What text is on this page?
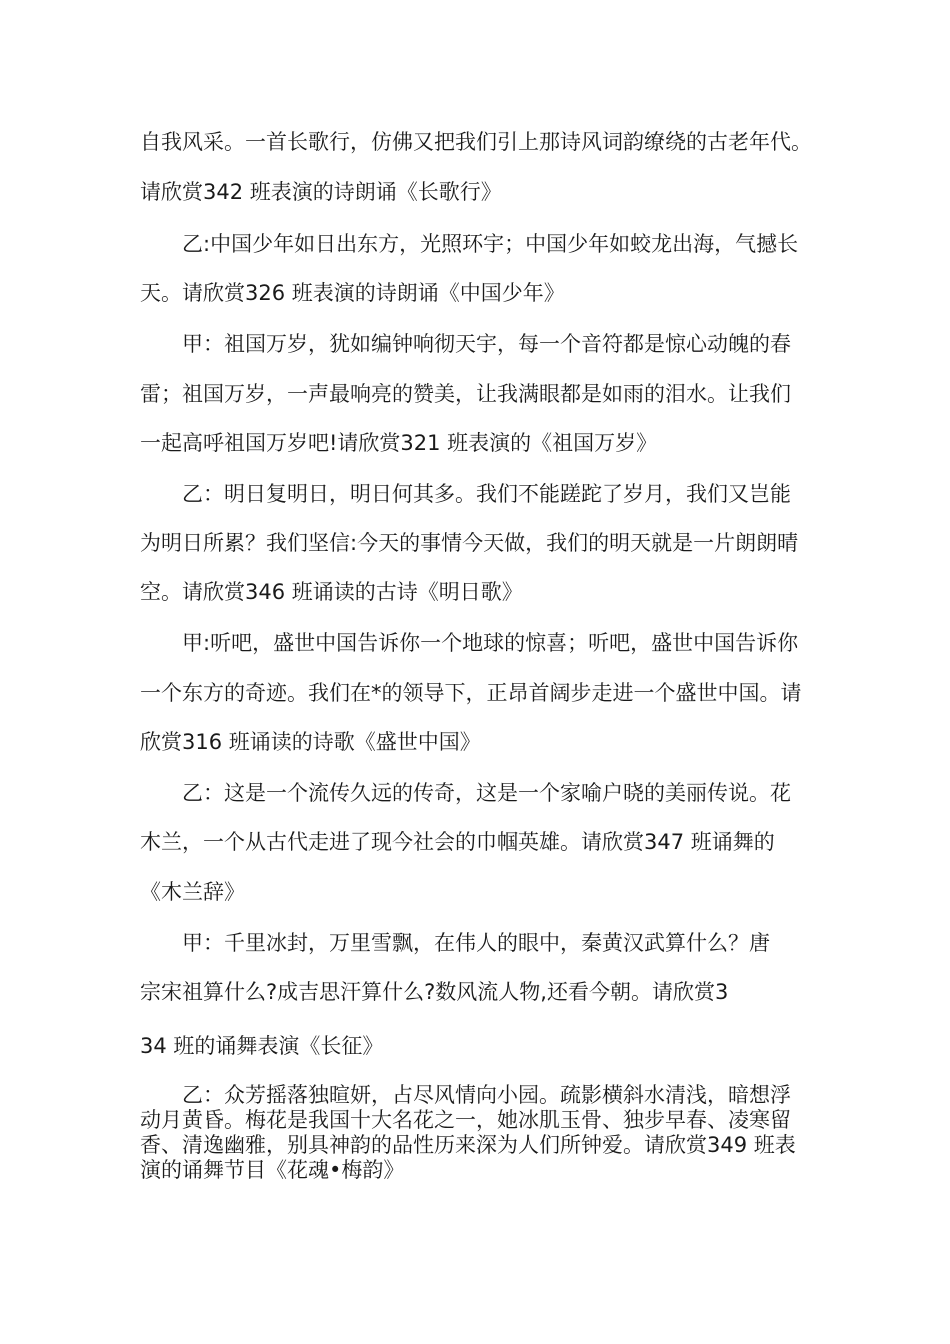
自我风采。一首长歌行，仿佛又把我们引上那诗风词韵缭绕的古老年代。
请欣赏342 班表演的诗朗诵《长歌行》
乙:中国少年如日出东方，光照环宇；中国少年如蛟龙出海，气撼长
天。请欣赏326 班表演的诗朗诵《中国少年》
甲：祖国万岁，犹如编钟响彻天宇，每一个音符都是惊心动魄的春
雷；祖国万岁，一声最响亮的赞美，让我满眼都是如雨的泪水。让我们
一起高呼祖国万岁吧!请欣赏321 班表演的《祖国万岁》
乙：明日复明日，明日何其多。我们不能蹉跎了岁月，我们又岂能
为明日所累？我们坚信:今天的事情今天做，我们的明天就是一片朗朗晴
空。请欣赏346 班诵读的古诗《明日歌》
甲:听吧，盛世中国告诉你一个地球的惊喜；听吧，盛世中国告诉你
一个东方的奇迹。我们在*的领导下，正昂首阔步走进一个盛世中国。请
欣赏316 班诵读的诗歌《盛世中国》
乙：这是一个流传久远的传奇，这是一个家喻户晓的美丽传说。花
木兰，一个从古代走进了现今社会的巾帼英雄。请欣赏347 班诵舞的
《木兰辞》
甲：千里冰封，万里雪飘，在伟人的眼中，秦黄汉武算什么？唐
宗宋祖算什么?成吉思汗算什么?数风流人物,还看今朝。请欣赏3
34 班的诵舞表演《长征》
乙：众芳摇落独暄妍，占尽风情向小园。疏影横斜水清浅，暗想浮
动月黄昏。梅花是我国十大名花之一，她冰肌玉骨、独步早春、凌寒留
香、清逸幽雅，别具神韵的品性历来深为人们所钟爱。请欣赏349 班表
演的诵舞节目《花魂•梅韵》
